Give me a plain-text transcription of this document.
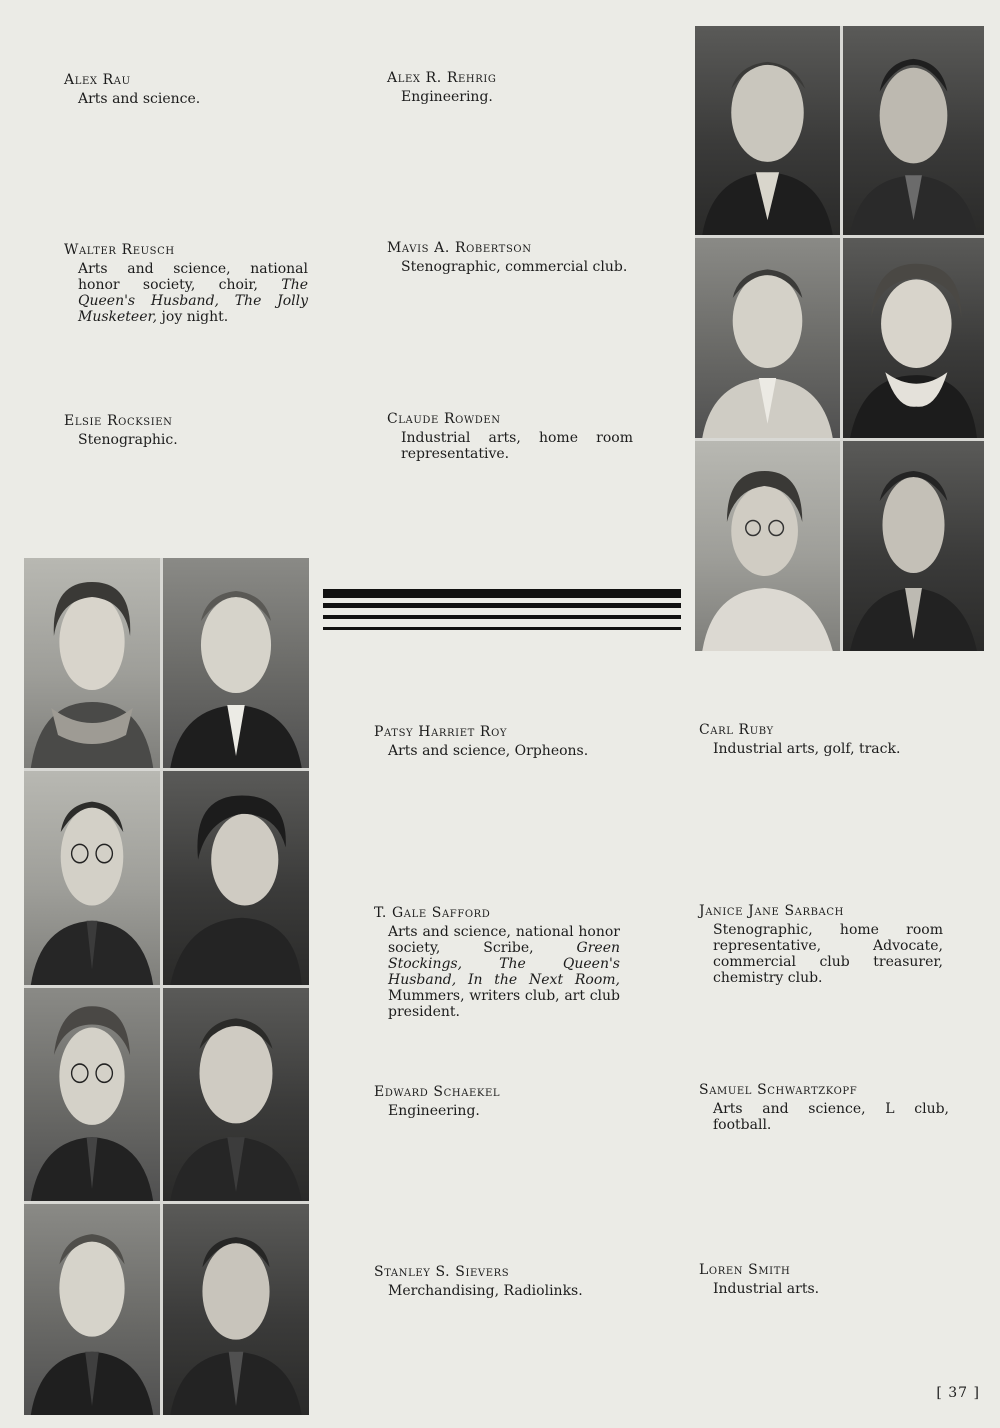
Alex Rau
Arts and science.
Alex R. Rehrig
Engineering.
Walter Reusch
Arts and science, national honor society, choir, The Queen's Husband, The Jolly Musketeer, joy night.
Mavis A. Robertson
Stenographic, commercial club.
Elsie Rocksien
Stenographic.
Claude Rowden
Industrial arts, home room representative.
Patsy Harriet Roy
Arts and science, Orpheons.
Carl Ruby
Industrial arts, golf, track.
T. Gale Safford
Arts and science, national honor society, Scribe, Green Stockings, The Queen's Husband, In the Next Room, Mummers, writers club, art club president.
Janice Jane Sarbach
Stenographic, home room representative, Advocate, commercial club treasurer, chemistry club.
Edward Schaekel
Engineering.
Samuel Schwartzkopf
Arts and science, L club, football.
Stanley S. Sievers
Merchandising, Radiolinks.
Loren Smith
Industrial arts.
[ 37 ]
